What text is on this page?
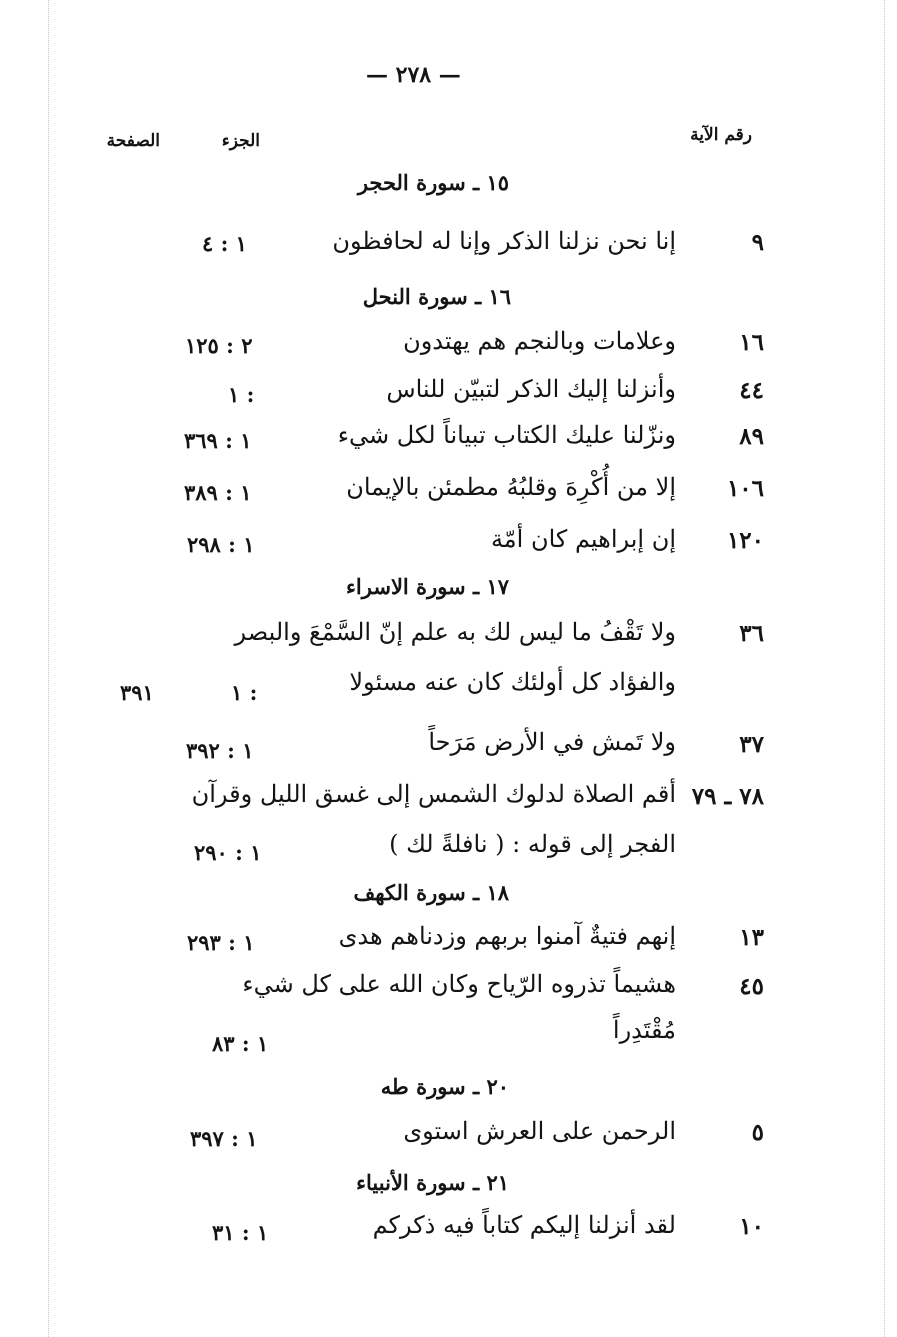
— ٢٧٨ —
رقم الآية
الجزء
الصفحة
١٥ ـ سورة الحجر
٩
إنا نحن نزلنا الذكر وإنا له لحافظون
١ : ٤
١٦ ـ سورة النحل
١٦
وعلامات وبالنجم هم يهتدون
٢ : ١٢٥
٤٤
وأنزلنا إليك الذكر لتبيّن للناس
١ :
٨٩
ونزّلنا عليك الكتاب تبياناً لكل شيء
١ : ٣٦٩
١٠٦
إلا من أُكْرِهَ وقلبُهُ مطمئن بالإيمان
١ : ٣٨٩
١٢٠
إن إبراهيم كان أمّة
١ : ٢٩٨
١٧ ـ سورة الاسراء
٣٦
ولا تَقْفُ ما ليس لك به علم إنّ السَّمْعَ والبصر
والفؤاد كل أولئك كان عنه مسئولا
١ :
٣٩١
٣٧
ولا تَمش في الأرض مَرَحاً
١ : ٣٩٢
٧٨ ـ ٧٩
أقم الصلاة لدلوك الشمس إلى غسق الليل وقرآن
الفجر إلى قوله : ( نافلةً لك )
١ : ٢٩٠
١٨ ـ سورة الكهف
١٣
إنهم فتيةٌ آمنوا بربهم وزدناهم هدى
١ : ٢٩٣
٤٥
هشيماً تذروه الرّياح وكان الله على كل شيء
مُقْتَدِراً
١ : ٨٣
٢٠ ـ سورة طه
٥
الرحمن على العرش استوى
١ : ٣٩٧
٢١ ـ سورة الأنبياء
١٠
لقد أنزلنا إليكم كتاباً فيه ذكركم
١ : ٣١
